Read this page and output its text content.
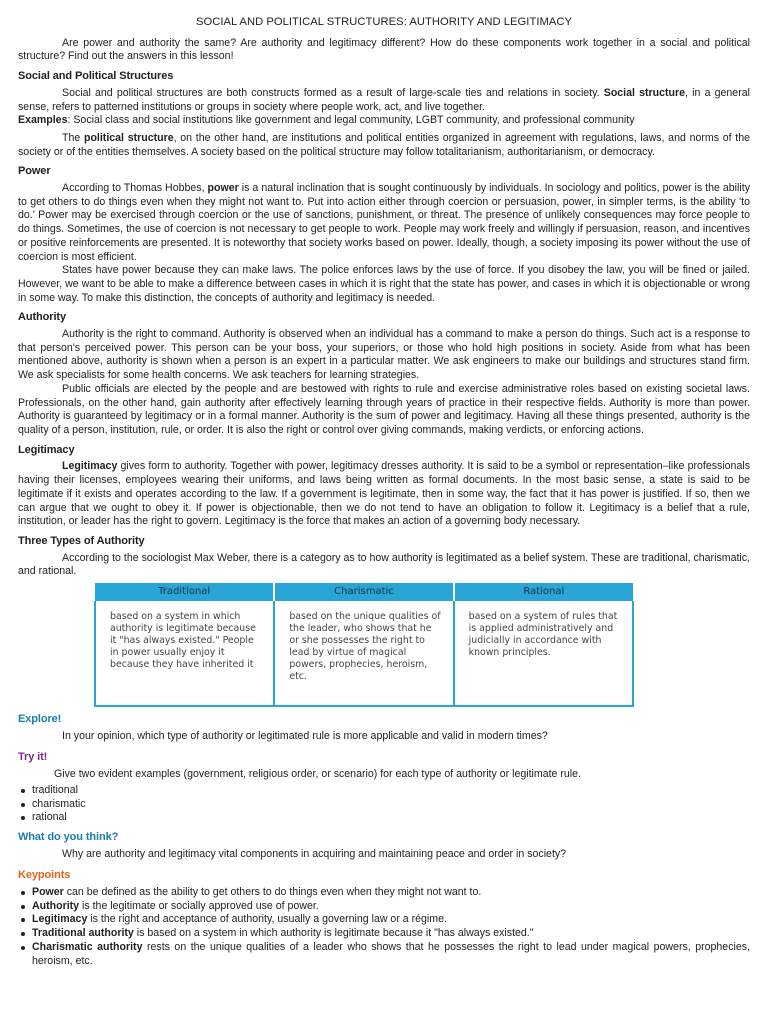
SOCIAL AND POLITICAL STRUCTURES: AUTHORITY AND LEGITIMACY

Are power and authority the same? Are authority and legitimacy different? How do these components work together in a social and political structure? Find out the answers in this lesson!

Social and Political Structures

Social and political structures are both constructs formed as a result of large-scale ties and relations in society. Social structure, in a general sense, refers to patterned institutions or groups in society where people work, act, and live together.

Examples: Social class and social institutions like government and legal community, LGBT community, and professional community

The political structure, on the other hand, are institutions and political entities organized in agreement with regulations, laws, and norms of the society or of the entities themselves. A society based on the political structure may follow totalitarianism, authoritarianism, or democracy.

Power

According to Thomas Hobbes, power is a natural inclination that is sought continuously by individuals. In sociology and politics, power is the ability to get others to do things even when they might not want to. Put into action either through coercion or persuasion, power, in simpler terms, is the ability 'to do.' Power may be exercised through coercion or the use of sanctions, punishment, or threat. The presence of unlikely consequences may force people to do things. Sometimes, the use of coercion is not necessary to get people to work. People may work freely and willingly if persuasion, reason, and incentives or positive reinforcements are presented. It is noteworthy that society works based on power. Ideally, though, a society imposing its power without the use of coercion is most efficient.

States have power because they can make laws. The police enforces laws by the use of force. If you disobey the law, you will be fined or jailed. However, we want to be able to make a difference between cases in which it is right that the state has power, and cases in which it is objectionable or wrong in some way. To make this distinction, the concepts of authority and legitimacy is needed.

Authority

Authority is the right to command. Authority is observed when an individual has a command to make a person do things. Such act is a response to that person's perceived power. This person can be your boss, your superiors, or those who hold high positions in society. Aside from what has been mentioned above, authority is shown when a person is an expert in a particular matter. We ask engineers to make our buildings and structures stand firm. We ask specialists for some health concerns. We ask teachers for learning strategies.

Public officials are elected by the people and are bestowed with rights to rule and exercise administrative roles based on existing societal laws. Professionals, on the other hand, gain authority after effectively learning through years of practice in their respective fields. Authority is more than power. Authority is guaranteed by legitimacy or in a formal manner. Authority is the sum of power and legitimacy. Having all these things presented, authority is the quality of a person, institution, rule, or order. It is also the right or control over giving commands, making verdicts, or enforcing actions.

Legitimacy

Legitimacy gives form to authority. Together with power, legitimacy dresses authority. It is said to be a symbol or representation–like professionals having their licenses, employees wearing their uniforms, and laws being written as formal documents. In the most basic sense, a state is said to be legitimate if it exists and operates according to the law. If a government is legitimate, then in some way, the fact that it has power is justified. If so, then we can argue that we ought to obey it. If power is objectionable, then we do not tend to have an obligation to follow it. Legitimacy is a belief that a rule, institution, or leader has the right to govern. Legitimacy is the force that makes an action of a governing body necessary.

Three Types of Authority

According to the sociologist Max Weber, there is a category as to how authority is legitimated as a belief system. These are traditional, charismatic, and rational.

Traditional	Charismatic	Rational
based on a system in which authority is legitimate because it "has always existed." People in power usually enjoy it because they have inherited it	based on the unique qualities of the leader, who shows that he or she possesses the right to lead by virtue of magical powers, prophecies, heroism, etc.	based on a system of rules that is applied administratively and judicially in accordance with known principles.
Explore!

In your opinion, which type of authority or legitimated rule is more applicable and valid in modern times?

Try it!

Give two evident examples (government, religious order, or scenario) for each type of authority or legitimate rule.

traditional
charismatic
rational
What do you think?

Why are authority and legitimacy vital components in acquiring and maintaining peace and order in society?

Keypoints
Power can be defined as the ability to get others to do things even when they might not want to.
Authority is the legitimate or socially approved use of power.
Legitimacy is the right and acceptance of authority, usually a governing law or a régime.
Traditional authority is based on a system in which authority is legitimate because it "has always existed."
Charismatic authority rests on the unique qualities of a leader who shows that he possesses the right to lead under magical powers, prophecies, heroism, etc.
